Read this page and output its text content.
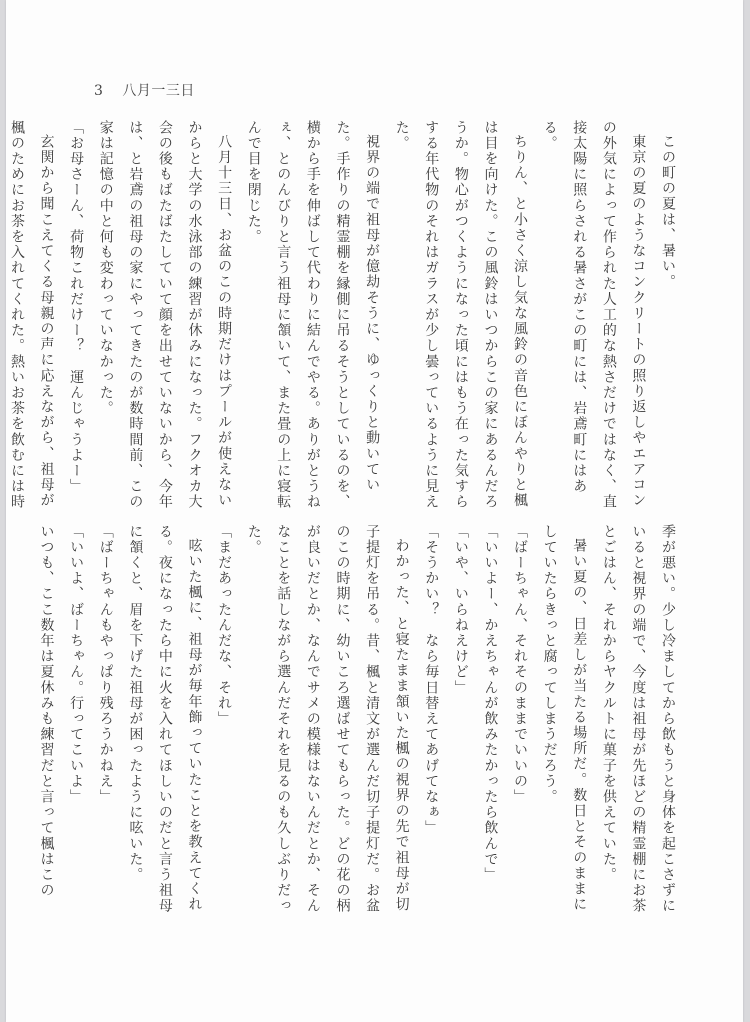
3 八月一三日

この町の夏は、暑い。

東京の夏のようなコンクリートの照り返しやエアコンの外気によって作られた人工的な熱さだけではなく、直接太陽に照らされる暑さがこの町には、岩鳶町にはある。

ちりん、と小さく涼し気な風鈴の音色にぼんやりと楓は目を向けた。この風鈴はいつからこの家にあるんだろうか。物心がつくようになった頃にはもう在った気すらする年代物のそれはガラスが少し曇っているように見えた。

視界の端で祖母が億劫そうに、ゆっくりと動いていた。手作りの精霊棚を縁側に吊るそうとしているのを、横から手を伸ばして代わりに結んでやる。ありがとうねぇ、とのんびりと言う祖母に頷いて、また畳の上に寝転んで目を閉じた。

八月十三日、お盆のこの時期だけはプールが使えないからと大学の水泳部の練習が休みになった。フクオカ大会の後もばたばたしていて顔を出せていないから、今年は、と岩鳶の祖母の家にやってきたのが数時間前、この家は記憶の中と何も変わっていなかった。

「お母さーん、荷物これだけー？　運んじゃうよー」

玄関から聞こえてくる母親の声に応えながら、祖母が楓のためにお茶を入れてくれた。熱いお茶を飲むには時

季が悪い。少し冷ましてから飲もうと身体を起こさずにいると視界の端で、今度は祖母が先ほどの精霊棚にお茶とごはん、それからヤクルトに菓子を供えていた。

暑い夏の、日差しが当たる場所だ。数日とそのままにしていたらきっと腐ってしまうだろう。

「ばーちゃん、それそのままでいいの」

「いいよー、かえちゃんが飲みたかったら飲んで」

「いや、いらねえけど」

「そうかい？　なら毎日替えてあげてなぁ」

わかった、と寝たまま頷いた楓の視界の先で祖母が切子提灯を吊る。昔、楓と清文が選んだ切子提灯だ。お盆のこの時期に、幼いころ選ばせてもらった。どの花の柄が良いだとか、なんでサメの模様はないんだとか、そんなことを話しながら選んだそれを見るのも久しぶりだった。

「まだあったんだな、それ」

呟いた楓に、祖母が毎年飾っていたことを教えてくれる。夜になったら中に火を入れてほしいのだと言う祖母に頷くと、眉を下げた祖母が困ったように呟いた。

「ばーちゃんもやっぱり残ろうかねえ」

「いいよ、ばーちゃん。行ってこいよ」

いつも、ここ数年は夏休みも練習だと言って楓はこの
